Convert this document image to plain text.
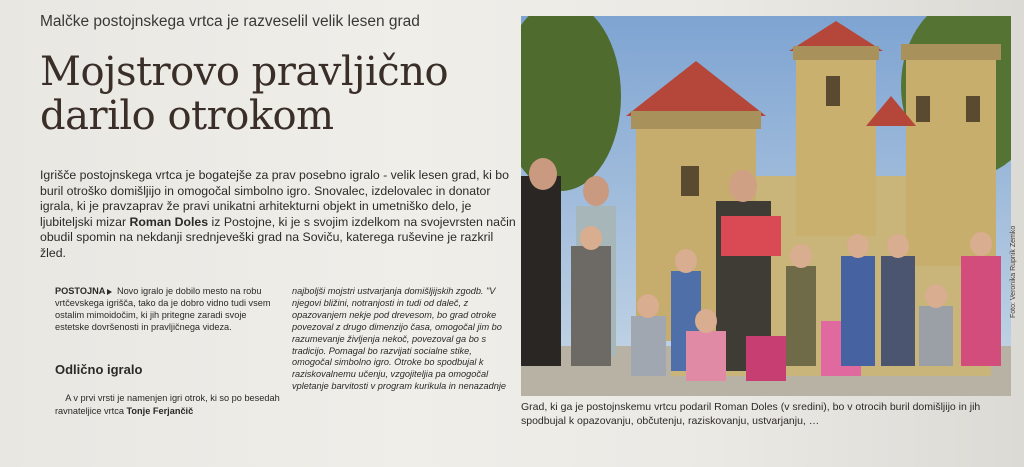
Malčke postojnskega vrtca je razveselil velik lesen grad
Mojstrovo pravljično
darilo otrokom

Igrišče postojnskega vrtca je bogatejše za prav posebno igralo - velik lesen grad, ki bo buril otroško domišljijo in omogočal simbolno igro. Snovalec, izdelovalec in donator igrala, ki je pravzaprav že pravi unikatni arhitekturni objekt in umetniško delo, je ljubiteljski mizar Roman Doles iz Postojne, ki je s svojim izdelkom na svojevrsten način obudil spomin na nekdanji srednjeveški grad na Soviču, katerega ruševine je razkril žled.

POSTOJNA Novo igralo je dobilo mesto na robu vrtčevskega igrišča, tako da je dobro vidno tudi vsem ostalim mimoidočim, ki jih pritegne zaradi svoje estetske dovršenosti in pravljičnega videza.

Odlično igralo

A v prvi vrsti je namenjen igri otrok, ki so po besedah ravnateljice vrtca Tonje Ferjančič

najboljši mojstri ustvarjanja domišljijskih zgodb. "V njegovi bližini, notranjosti in tudi od daleč, z opazovanjem nekje pod drevesom, bo grad otroke povezoval z drugo dimenzijo časa, omogočal jim bo razumevanje življenja nekoč, povezoval ga bo s tradicijo. Pomagal bo razvijati socialne stike, omogočal simbolno igro. Otroke bo spodbujal k raziskovalnemu učenju, vzgojiteljia pa omogočal vpletanje barvitosti v program kurikula in nenazadnje

Foto: Veronika Rupnik Zemko

Grad, ki ga je postojnskemu vrtcu podaril Roman Doles (v sredini), bo v otrocih buril domišljijo in jih spodbujal k opazovanju, občutenju, raziskovanju, ustvarjanju, …
